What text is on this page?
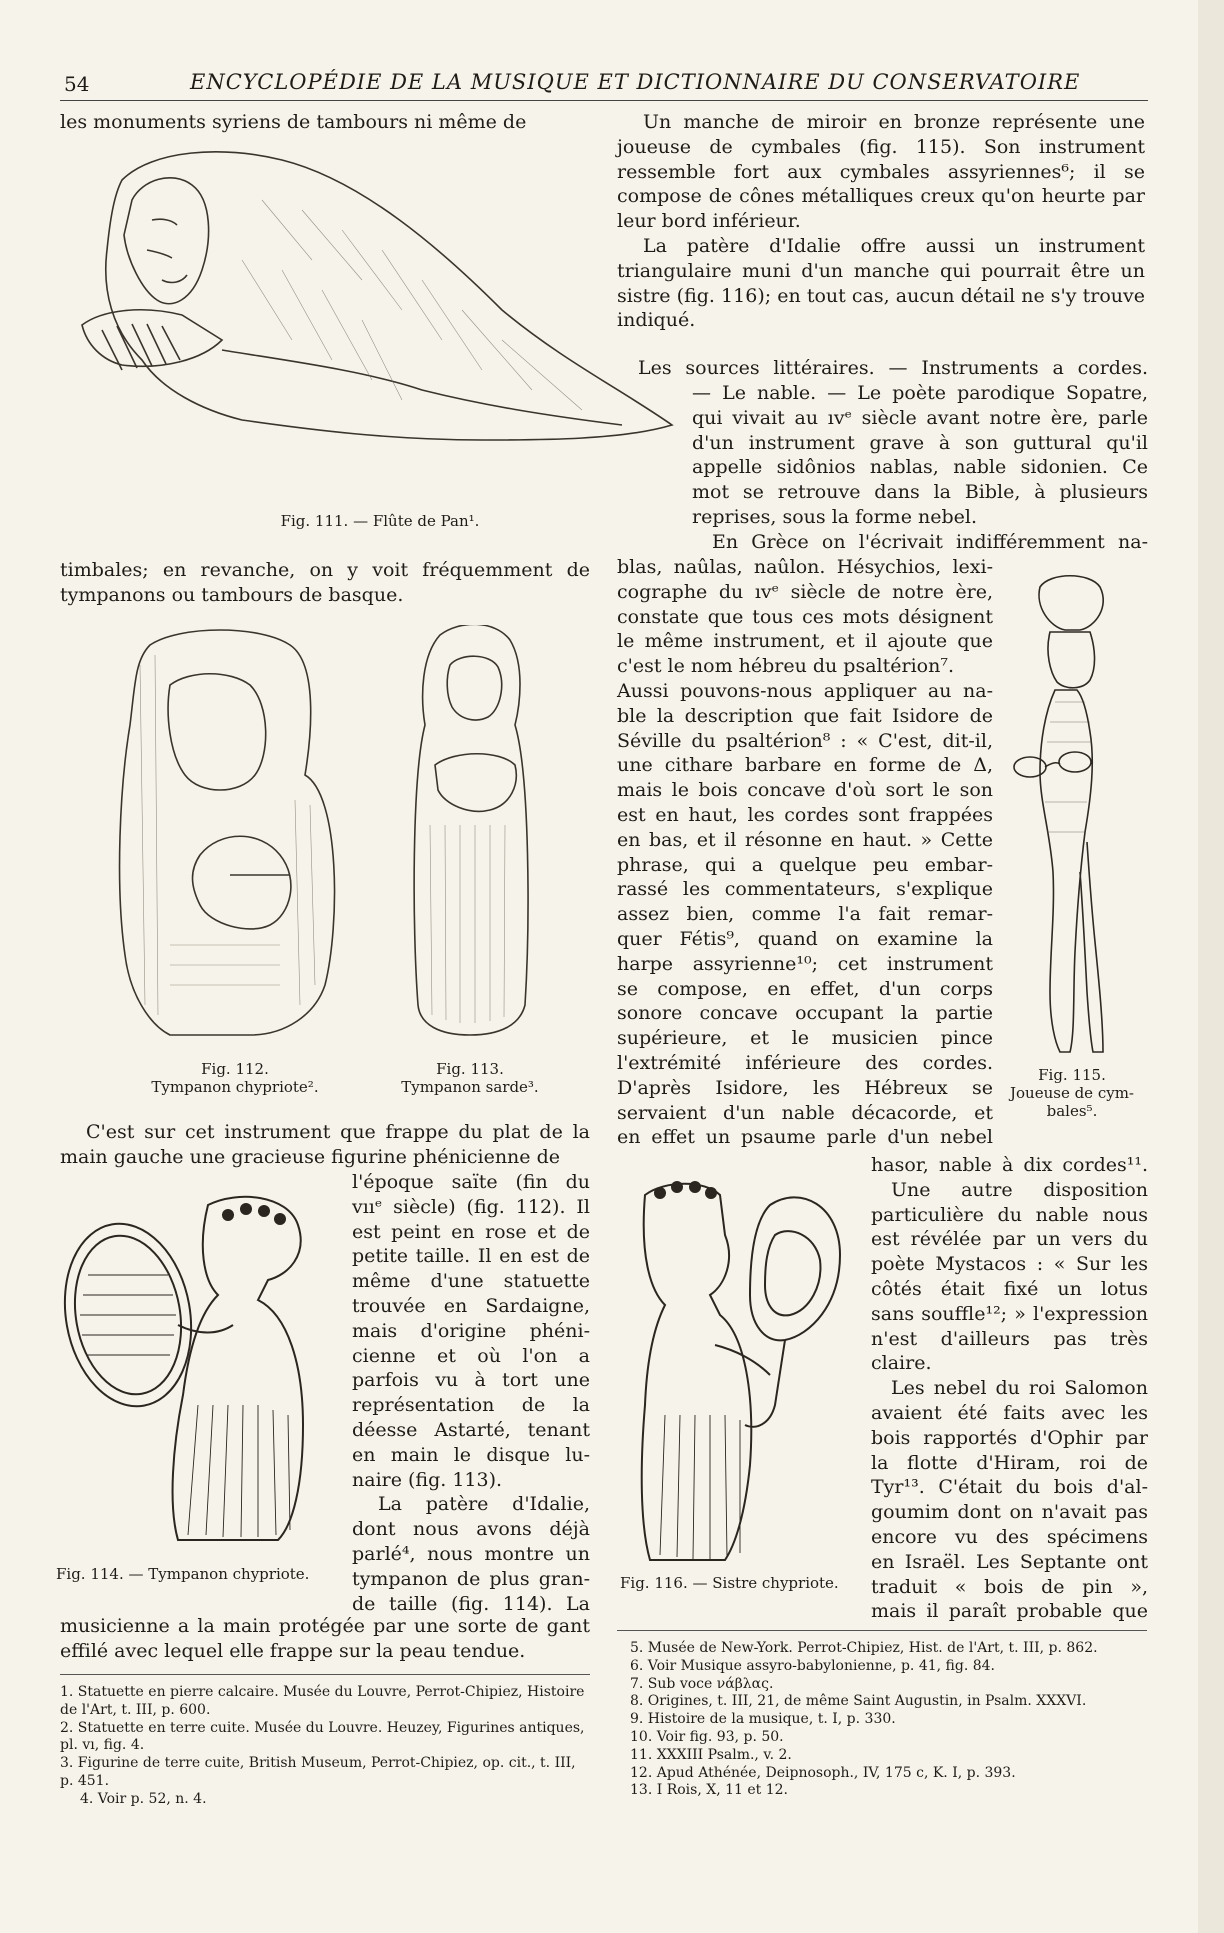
54	ENCYCLOPÉDIE DE LA MUSIQUE ET DICTIONNAIRE DU CONSERVATOIRE

les monuments syriens de tambours ni même de

Fig. 111. — Flûte de Pan¹.

timbales; en revanche, on y voit fréquemment de tympanons ou tambours de basque.

Fig. 112.
Tympanon chypriote².
Fig. 113.
Tympanon sarde³.

C'est sur cet instrument que frappe du plat de la main gauche une gracieuse figurine phénicienne de

l'époque saïte (fin du

vııᵉ siècle) (fig. 112). Il

est peint en rose et de

petite taille. Il en est de

même d'une statuette

trouvée en Sardaigne,

mais d'origine phéni-

cienne et où l'on a

parfois vu à tort une

représentation de la

déesse Astarté, tenant

en main le disque lu-

naire (fig. 113).

La patère d'Idalie,

dont nous avons déjà

parlé⁴, nous montre un

tympanon de plus gran-

de taille (fig. 114). La

Fig. 114. — Tympanon chypriote.

musicienne a la main protégée par une sorte de gant effilé avec lequel elle frappe sur la peau tendue.

1. Statuette en pierre calcaire. Musée du Louvre, Perrot-Chipiez, Histoire de l'Art, t. III, p. 600.
2. Statuette en terre cuite. Musée du Louvre. Heuzey, Figurines antiques, pl. vı, fig. 4.
3. Figurine de terre cuite, British Museum, Perrot-Chipiez, op. cit., t. III, p. 451.
4. Voir p. 52, n. 4.

Un manche de miroir en bronze représente une joueuse de cymbales (fig. 115). Son instrument ressemble fort aux cymbales assyriennes⁶; il se compose de cônes métalliques creux qu'on heurte par leur bord inférieur.

La patère d'Idalie offre aussi un instrument triangulaire muni d'un manche qui pourrait être un sistre (fig. 116); en tout cas, aucun détail ne s'y trouve indiqué.

Les sources littéraires. — Instruments a cordes.

— Le nable. — Le poète parodique Sopatre,

qui vivait au ıvᵉ siècle avant notre ère, parle

d'un instrument grave à son guttural qu'il

appelle sidônios nablas, nable sidonien. Ce

mot se retrouve dans la Bible, à plusieurs

reprises, sous la forme nebel.

En Grèce on l'écrivait indifféremment na-

blas, naûlas, naûlon. Hésychios, lexi-

cographe du ıvᵉ siècle de notre ère,

constate que tous ces mots désignent

le même instrument, et il ajoute que

c'est le nom hébreu du psaltérion⁷.

Aussi pouvons-nous appliquer au na-

ble la description que fait Isidore de

Séville du psaltérion⁸ : « C'est, dit-il,

une cithare barbare en forme de Δ,

mais le bois concave d'où sort le son

est en haut, les cordes sont frappées

en bas, et il résonne en haut. » Cette

phrase, qui a quelque peu embar-

rassé les commentateurs, s'explique

assez bien, comme l'a fait remar-

quer Fétis⁹, quand on examine la

harpe assyrienne¹⁰; cet instrument

se compose, en effet, d'un corps

sonore concave occupant la partie

supérieure, et le musicien pince

l'extrémité inférieure des cordes.

D'après Isidore, les Hébreux se

servaient d'un nable décacorde, et

en effet un psaume parle d'un nebel

Fig. 115.
Joueuse de cym-
bales⁵.

hasor, nable à dix cordes¹¹.

Une autre disposition

particulière du nable nous

est révélée par un vers du

poète Mystacos : « Sur les

côtés était fixé un lotus

sans souffle¹²; » l'expression

n'est d'ailleurs pas très

claire.

Les nebel du roi Salomon

avaient été faits avec les

bois rapportés d'Ophir par

la flotte d'Hiram, roi de

Tyr¹³. C'était du bois d'al-

goumim dont on n'avait pas

encore vu des spécimens

en Israël. Les Septante ont

traduit « bois de pin »,

mais il paraît probable que

Fig. 116. — Sistre chypriote.
5. Musée de New-York. Perrot-Chipiez, Hist. de l'Art, t. III, p. 862.
6. Voir Musique assyro-babylonienne, p. 41, fig. 84.
7. Sub voce νάβλας.
8. Origines, t. III, 21, de même Saint Augustin, in Psalm. XXXVI.
9. Histoire de la musique, t. I, p. 330.
10. Voir fig. 93, p. 50.
11. XXXIII Psalm., v. 2.
12. Apud Athénée, Deipnosoph., IV, 175 c, K. I, p. 393.
13. I Rois, X, 11 et 12.
